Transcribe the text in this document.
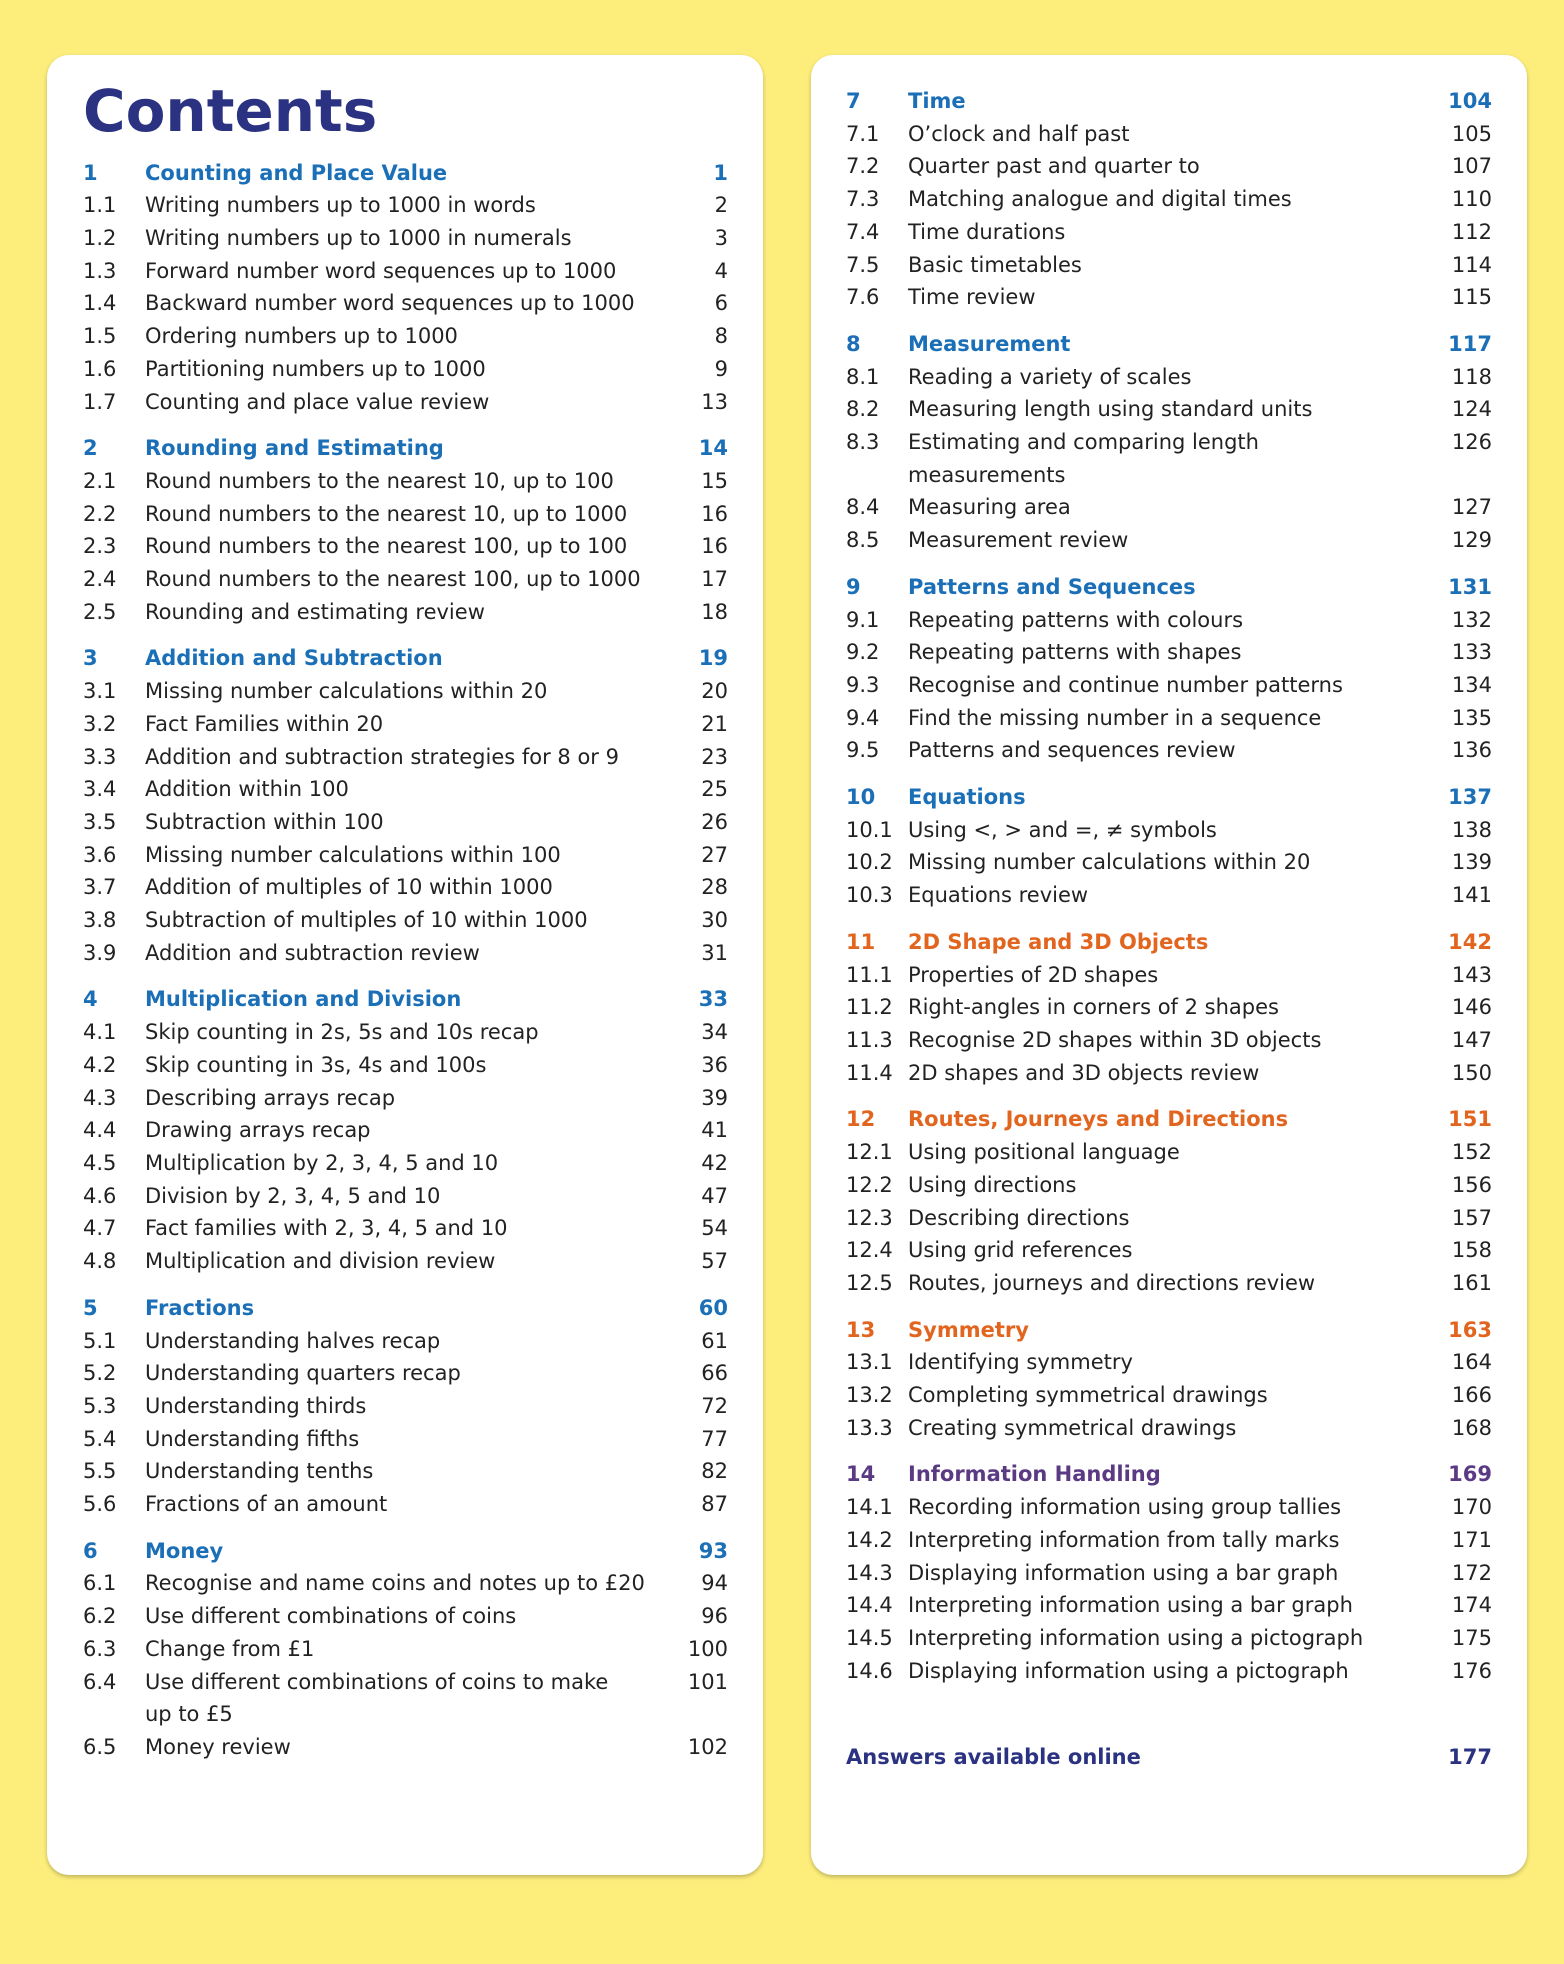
Contents
1	Counting and Place Value	1
1.1	Writing numbers up to 1000 in words	2
1.2	Writing numbers up to 1000 in numerals	3
1.3	Forward number word sequences up to 1000	4
1.4	Backward number word sequences up to 1000	6
1.5	Ordering numbers up to 1000	8
1.6	Partitioning numbers up to 1000	9
1.7	Counting and place value review	13
2	Rounding and Estimating	14
2.1	Round numbers to the nearest 10, up to 100	15
2.2	Round numbers to the nearest 10, up to 1000	16
2.3	Round numbers to the nearest 100, up to 100	16
2.4	Round numbers to the nearest 100, up to 1000	17
2.5	Rounding and estimating review	18
3	Addition and Subtraction	19
3.1	Missing number calculations within 20	20
3.2	Fact Families within 20	21
3.3	Addition and subtraction strategies for 8 or 9	23
3.4	Addition within 100	25
3.5	Subtraction within 100	26
3.6	Missing number calculations within 100	27
3.7	Addition of multiples of 10 within 1000	28
3.8	Subtraction of multiples of 10 within 1000	30
3.9	Addition and subtraction review	31
4	Multiplication and Division	33
4.1	Skip counting in 2s, 5s and 10s recap	34
4.2	Skip counting in 3s, 4s and 100s	36
4.3	Describing arrays recap	39
4.4	Drawing arrays recap	41
4.5	Multiplication by 2, 3, 4, 5 and 10	42
4.6	Division by 2, 3, 4, 5 and 10	47
4.7	Fact families with 2, 3, 4, 5 and 10	54
4.8	Multiplication and division review	57
5	Fractions	60
5.1	Understanding halves recap	61
5.2	Understanding quarters recap	66
5.3	Understanding thirds	72
5.4	Understanding fifths	77
5.5	Understanding tenths	82
5.6	Fractions of an amount	87
6	Money	93
6.1	Recognise and name coins and notes up to £20	94
6.2	Use different combinations of coins	96
6.3	Change from £1	100
6.4	Use different combinations of coins to make
up to £5
101
6.5	Money review	102
7	Time	104
7.1	O’clock and half past	105
7.2	Quarter past and quarter to	107
7.3	Matching analogue and digital times	110
7.4	Time durations	112
7.5	Basic timetables	114
7.6	Time review	115
8	Measurement	117
8.1	Reading a variety of scales	118
8.2	Measuring length using standard units	124
8.3	Estimating and comparing length measurements
126
8.4	Measuring area	127
8.5	Measurement review	129
9	Patterns and Sequences	131
9.1	Repeating patterns with colours	132
9.2	Repeating patterns with shapes	133
9.3	Recognise and continue number patterns	134
9.4	Find the missing number in a sequence	135
9.5	Patterns and sequences review	136
10	Equations	137
10.1 Using <, > and =, ≠ symbols	138
10.2 Missing number calculations within 20	139
10.3 Equations review	141
11	2D Shape and 3D Objects	142
11.1 Properties of 2D shapes	143
11.2 Right-angles in corners of 2 shapes	146
11.3 Recognise 2D shapes within 3D objects	147
11.4 2D shapes and 3D objects review	150
12	Routes, Journeys and Directions	151
12.1 Using positional language	152
12.2 Using directions	156
12.3 Describing directions	157
12.4 Using grid references	158
12.5 Routes, journeys and directions review	161
13	Symmetry	163
13.1 Identifying symmetry	164
13.2 Completing symmetrical drawings	166
13.3 Creating symmetrical drawings	168
14	Information Handling	169
14.1 Recording information using group tallies	170
14.2 Interpreting information from tally marks	171
14.3 Displaying information using a bar graph	172
14.4 Interpreting information using a bar graph	174
14.5 Interpreting information using a pictograph	175
14.6 Displaying information using a pictograph	176
Answers available online	177
